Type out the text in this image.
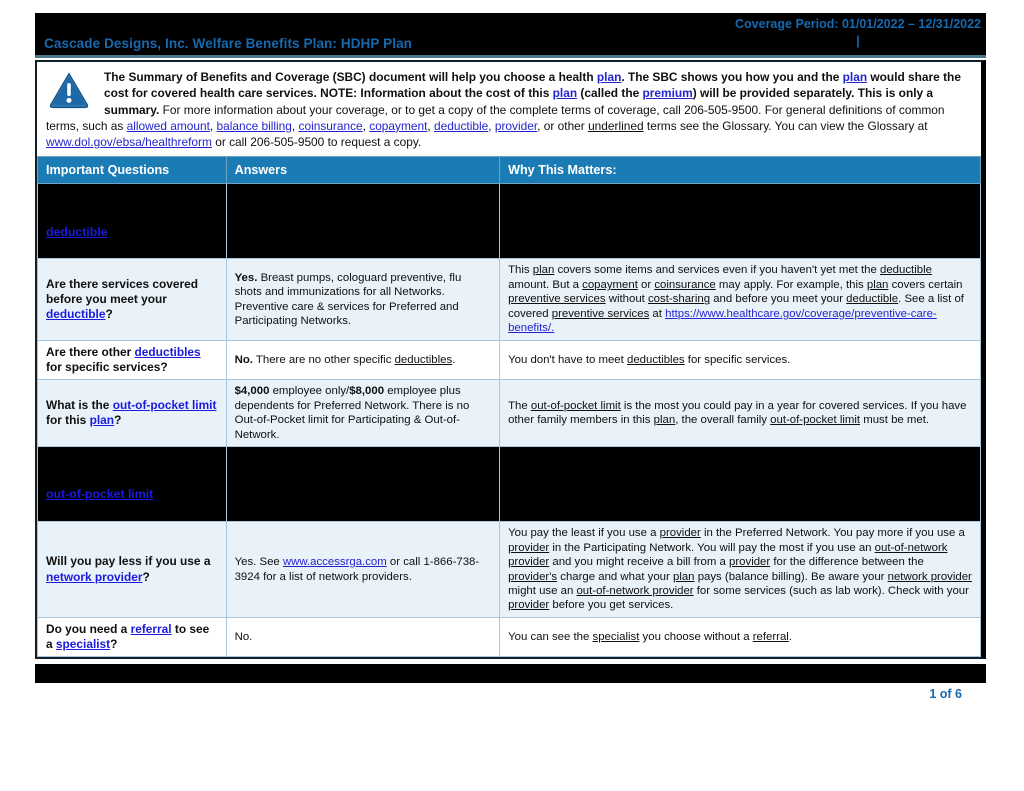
Cascade Designs, Inc. Welfare Benefits Plan: HDHP Plan
Coverage Period: 01/01/2022 – 12/31/2022
|
The Summary of Benefits and Coverage (SBC) document will help you choose a health plan. The SBC shows you how you and the plan would share the cost for covered health care services. NOTE: Information about the cost of this plan (called the premium) will be provided separately. This is only a summary. For more information about your coverage, or to get a copy of the complete terms of coverage, call 206-505-9500. For general definitions of common terms, such as allowed amount, balance billing, coinsurance, copayment, deductible, provider, or other underlined terms see the Glossary. You can view the Glossary at www.dol.gov/ebsa/healthreform or call 206-505-9500 to request a copy.
Important Questions	Answers	Why This Matters:

deductible		

Are there services covered before you meet your deductible?	Yes. Breast pumps, cologuard preventive, flu shots and immunizations for all Networks. Preventive care & services for Preferred and Participating Networks.	This plan covers some items and services even if you haven't yet met the deductible amount. But a copayment or coinsurance may apply. For example, this plan covers certain preventive services without cost-sharing and before you meet your deductible. See a list of covered preventive services at https://www.healthcare.gov/coverage/preventive-care-benefits/.

Are there other deductibles for specific services?	No. There are no other specific deductibles.	You don't have to meet deductibles for specific services.

What is the out-of-pocket limit for this plan?	$4,000 employee only/$8,000 employee plus dependents for Preferred Network. There is no Out-of-Pocket limit for Participating & Out-of-Network.	The out-of-pocket limit is the most you could pay in a year for covered services. If you have other family members in this plan, the overall family out-of-pocket limit must be met.

out-of-pocket limit		

Will you pay less if you use a network provider?	Yes. See www.accessrga.com or call 1-866-738-3924 for a list of network providers.	You pay the least if you use a provider in the Preferred Network. You pay more if you use a provider in the Participating Network. You will pay the most if you use an out-of-network provider and you might receive a bill from a provider for the difference between the provider's charge and what your plan pays (balance billing). Be aware your network provider might use an out-of-network provider for some services (such as lab work). Check with your provider before you get services.

Do you need a referral to see a specialist?	No.	You can see the specialist you choose without a referral.
1 of 6
